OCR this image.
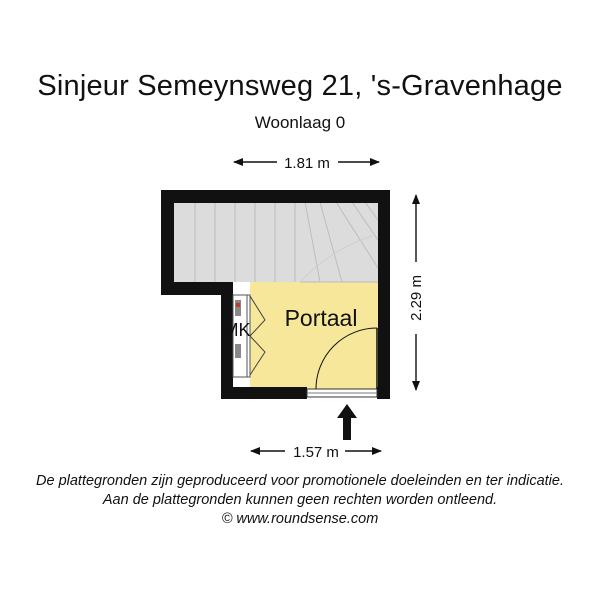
Sinjeur Semeynsweg 21, 's-Gravenhage
Woonlaag 0
1.81 m
2.29 m
1.57 m
MK Portaal
De plattegronden zijn geproduceerd voor promotionele doeleinden en ter indicatie.
Aan de plattegronden kunnen geen rechten worden ontleend.
© www.roundsense.com
